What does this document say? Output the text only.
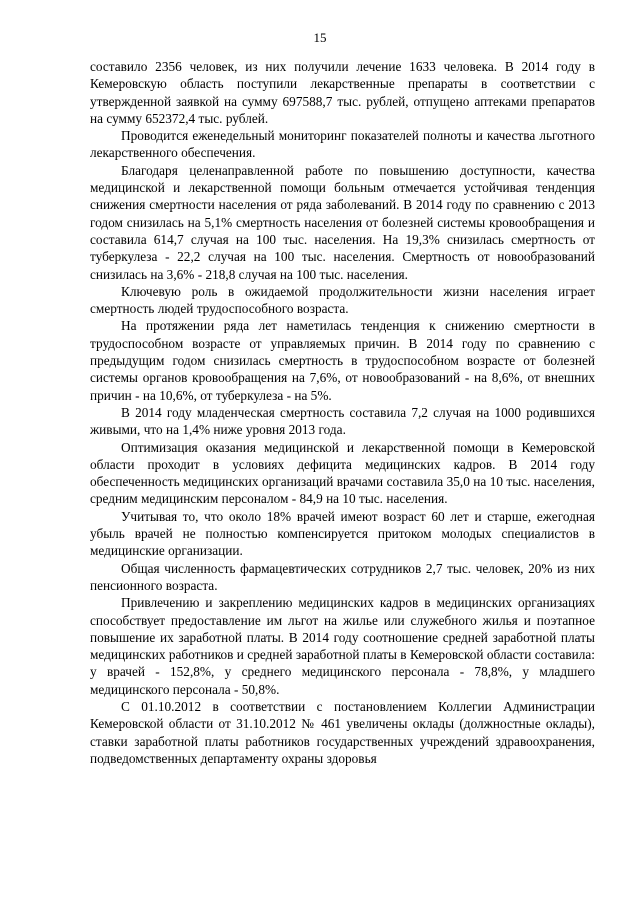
15

составило 2356 человек, из них получили лечение 1633 человека. В 2014 году в Кемеровскую область поступили лекарственные препараты в соответствии с утвержденной заявкой на сумму 697588,7 тыс. рублей, отпущено аптеками препаратов на сумму 652372,4 тыс. рублей.

Проводится еженедельный мониторинг показателей полноты и качества льготного лекарственного обеспечения.

Благодаря целенаправленной работе по повышению доступности, качества медицинской и лекарственной помощи больным отмечается устойчивая тенденция снижения смертности населения от ряда заболеваний. В 2014 году по сравнению с 2013 годом снизилась на 5,1% смертность населения от болезней системы кровообращения и составила 614,7 случая на 100 тыс. населения. На 19,3% снизилась смертность от туберкулеза - 22,2 случая на 100 тыс. населения. Смертность от новообразований снизилась на 3,6% - 218,8 случая на 100 тыс. населения.

Ключевую роль в ожидаемой продолжительности жизни населения играет смертность людей трудоспособного возраста.

На протяжении ряда лет наметилась тенденция к снижению смертности в трудоспособном возрасте от управляемых причин. В 2014 году по сравнению с предыдущим годом снизилась смертность в трудоспособном возрасте от болезней системы органов кровообращения на 7,6%, от новообразований - на 8,6%, от внешних причин - на 10,6%, от туберкулеза - на 5%.

В 2014 году младенческая смертность составила 7,2 случая на 1000 родившихся живыми, что на 1,4% ниже уровня 2013 года.

Оптимизация оказания медицинской и лекарственной помощи в Кемеровской области проходит в условиях дефицита медицинских кадров. В 2014 году обеспеченность медицинских организаций врачами составила 35,0 на 10 тыс. населения, средним медицинским персоналом - 84,9 на 10 тыс. населения.

Учитывая то, что около 18% врачей имеют возраст 60 лет и старше, ежегодная убыль врачей не полностью компенсируется притоком молодых специалистов в медицинские организации.

Общая численность фармацевтических сотрудников 2,7 тыс. человек, 20% из них пенсионного возраста.

Привлечению и закреплению медицинских кадров в медицинских организациях способствует предоставление им льгот на жилье или служебного жилья и поэтапное повышение их заработной платы. В 2014 году соотношение средней заработной платы медицинских работников и средней заработной платы в Кемеровской области составила: у врачей - 152,8%, у среднего медицинского персонала - 78,8%, у младшего медицинского персонала - 50,8%.

С 01.10.2012 в соответствии с постановлением Коллегии Администрации Кемеровской области от 31.10.2012 № 461 увеличены оклады (должностные оклады), ставки заработной платы работников государственных учреждений здравоохранения, подведомственных департаменту охраны здоровья
